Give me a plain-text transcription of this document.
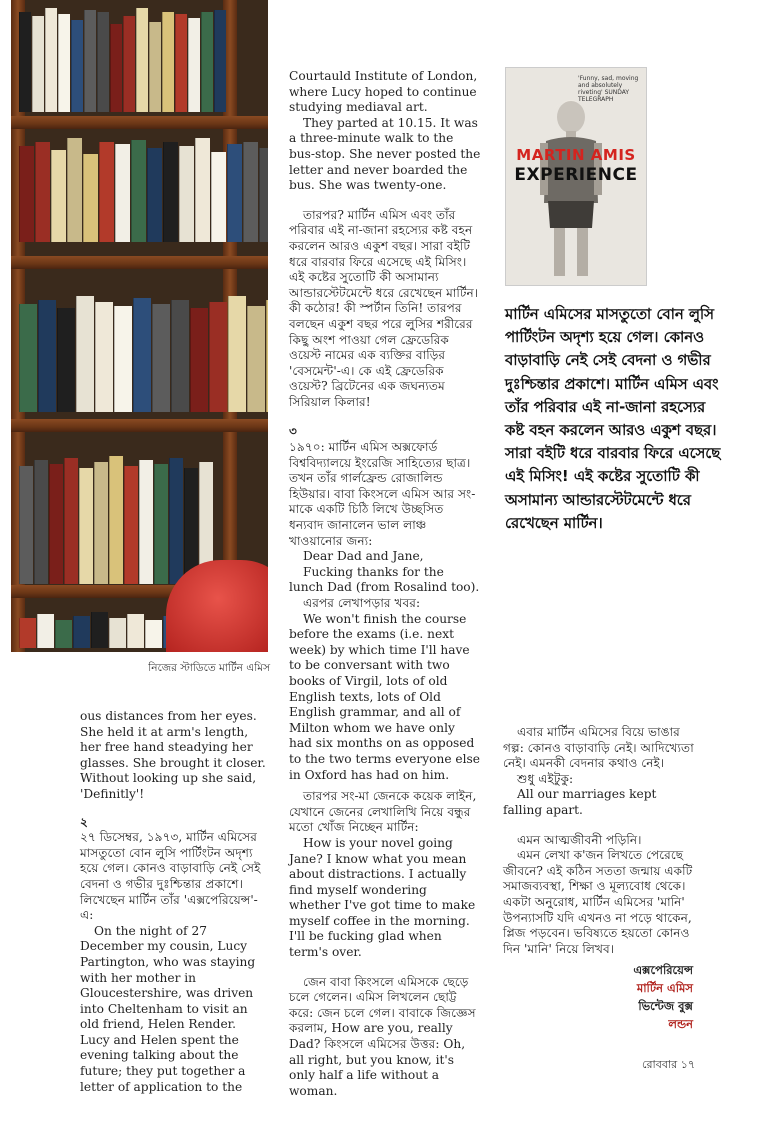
নিজের স্টাডিতে মার্টিন এমিস

Courtauld Institute of London, where Lucy hoped to continue studying mediaval art.

They parted at 10.15. It was a three-minute walk to the bus-stop. She never posted the letter and never boarded the bus. She was twenty-one.

তারপর? মার্টিন এমিস এবং তাঁর পরিবার এই না-জানা রহস্যের কষ্ট বহন করলেন আরও একুশ বছর। সারা বইটি ধরে বারবার ফিরে এসেছে এই মিসিং। এই কষ্টের সুতোটি কী অসামান্য আন্ডারস্টেটমেন্টে ধরে রেখেছেন মার্টিন। কী কঠোর! কী স্পর্টান তিনি! তারপর বলছেন একুশ বছর পরে লুসির শরীরের কিছু অংশ পাওয়া গেল ফ্রেডেরিক ওয়েস্ট নামের এক ব্যক্তির বাড়ির 'বেসমেন্ট'-এ। কে এই ফ্রেডেরিক ওয়েস্ট? ব্রিটেনের এক জঘন্যতম সিরিয়াল কিলার!

৩

১৯৭০: মার্টিন এমিস অক্সফোর্ড বিশ্ববিদ্যালয়ে ইংরেজি সাহিত্যের ছাত্র। তখন তাঁর গার্লফ্রেন্ড রোজালিন্ড হিউয়ার। বাবা কিংসলে এমিস আর সং-মাকে একটি চিঠি লিখে উচ্ছসিত ধন্যবাদ জানালেন ভাল লাঞ্চ খাওয়ানোর জন্য:

Dear Dad and Jane,

Fucking thanks for the lunch Dad (from Rosalind too).

এরপর লেখাপড়ার খবর:

We won't finish the course before the exams (i.e. next week) by which time I'll have to be conversant with two books of Virgil, lots of old English texts, lots of Old English grammar, and all of Milton whom we have only had six months on as opposed to the two terms everyone else in Oxford has had on him.

তারপর সং-মা জেনকে কয়েক লাইন, যেখানে জেনের লেখালিখি নিয়ে বন্ধুর মতো খোঁজ নিচ্ছেন মার্টিন:

How is your novel going Jane? I know what you mean about distractions. I actually find myself wondering whether I've got time to make myself coffee in the morning. I'll be fucking glad when term's over.

জেন বাবা কিংসলে এমিসকে ছেড়ে চলে গেলেন। এমিস লিখলেন ছোট্ট করে: জেন চলে গেল। বাবাকে জিজ্ঞেস করলাম, How are you, really Dad? কিংসলে এমিসের উত্তর: Oh, all right, but you know, it's only half a life without a woman.

'Funny, sad, moving and absolutely riveting' SUNDAY TELEGRAPH
MARTIN AMIS
EXPERIENCE
মার্টিন এমিসের মাসতুতো বোন লুসি পার্টিংটন অদৃশ্য হয়ে গেল। কোনও বাড়াবাড়ি নেই সেই বেদনা ও গভীর দুঃশ্চিন্তার প্রকাশে। মার্টিন এমিস এবং তাঁর পরিবার এই না-জানা রহস্যের কষ্ট বহন করলেন আরও একুশ বছর। সারা বইটি ধরে বারবার ফিরে এসেছে এই মিসিং! এই কষ্টের সুতোটি কী অসামান্য আন্ডারস্টেটমেন্টে ধরে রেখেছেন মার্টিন।

ous distances from her eyes. She held it at arm's length, her free hand steadying her glasses. She brought it closer. Without looking up she said, 'Definitly'!

২

২৭ ডিসেম্বর, ১৯৭৩, মার্টিন এমিসের মাসতুতো বোন লুসি পার্টিংটন অদৃশ্য হয়ে গেল। কোনও বাড়াবাড়ি নেই সেই বেদনা ও গভীর দুঃশ্চিন্তার প্রকাশে। লিখেছেন মার্টিন তাঁর 'এক্সপেরিয়েন্স'-এ:

On the night of 27 December my cousin, Lucy Partington, who was staying with her mother in Gloucestershire, was driven into Cheltenham to visit an old friend, Helen Render. Lucy and Helen spent the evening talking about the future; they put together a letter of application to the

এবার মার্টিন এমিসের বিয়ে ভাঙার গল্প: কোনও বাড়াবাড়ি নেই। আদিখ্যেতা নেই। এমনকী বেদনার কথাও নেই।

শুধু এইটুকু:

All our marriages kept falling apart.

এমন আত্মজীবনী পড়িনি।

এমন লেখা ক'জন লিখতে পেরেছে জীবনে? এই কঠিন সততা জন্মায় একটি সমাজব্যবস্থা, শিক্ষা ও মূল্যবোধ থেকে। একটা অনুরোধ, মার্টিন এমিসের 'মানি' উপন্যাসটি যদি এখনও না পড়ে থাকেন, প্লিজ পড়বেন। ভবিষ্যতে হয়তো কোনও দিন 'মানি' নিয়ে লিখব।

এক্সপেরিয়েন্স
মার্টিন এমিস
ভিন্টেজ বুক্স
লন্ডন
রোববার ১৭
